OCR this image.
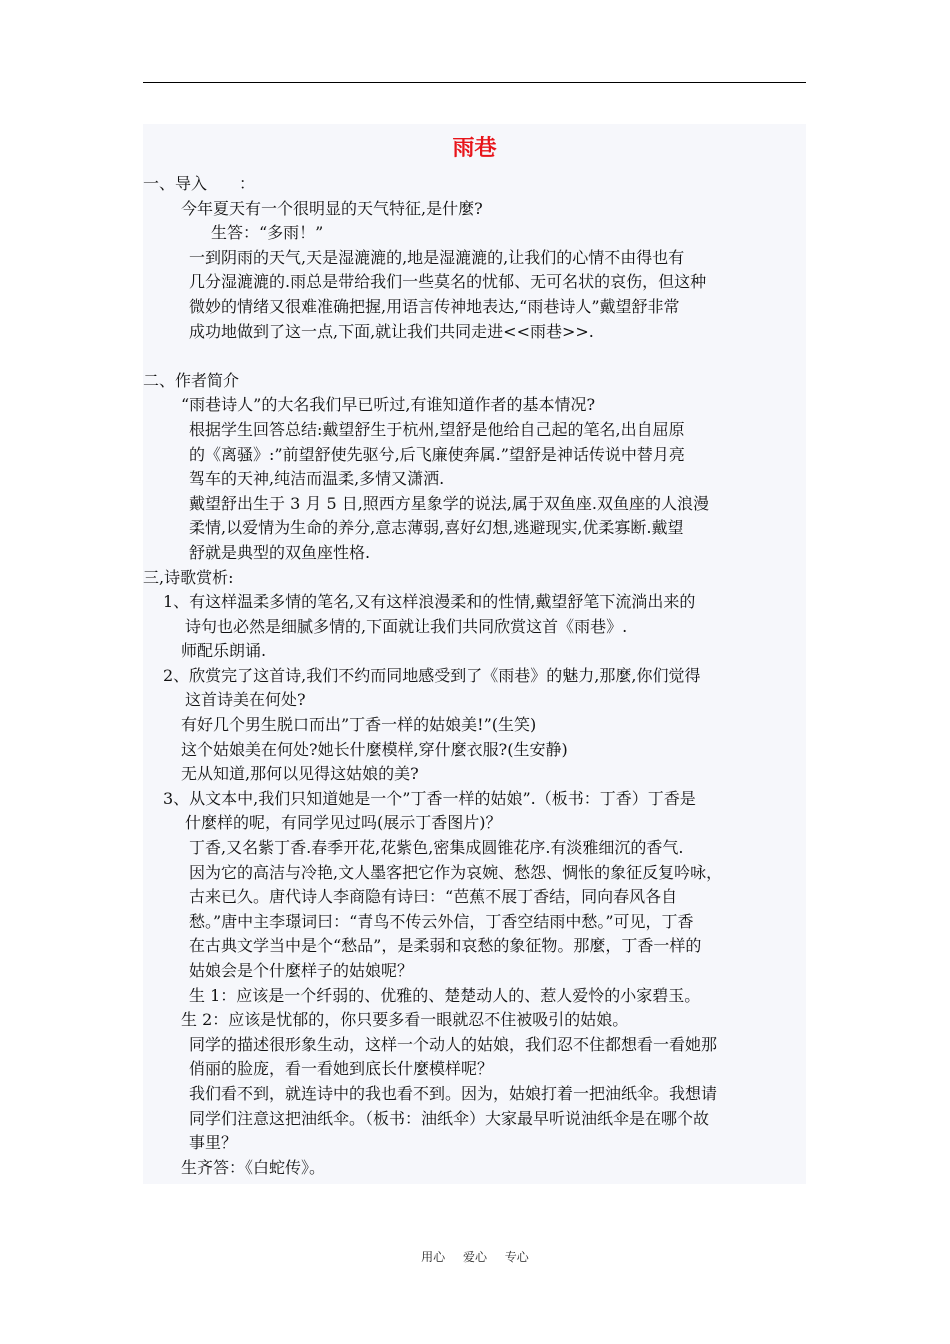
雨巷
一、导入　　：
今年夏天有一个很明显的天气特征,是什麼?
生答：“多雨！”
一到阴雨的天气,天是湿漉漉的,地是湿漉漉的,让我们的心情不由得也有
几分湿漉漉的.雨总是带给我们一些莫名的忧郁、无可名状的哀伤，但这种
微妙的情绪又很难准确把握,用语言传神地表达,“雨巷诗人”戴望舒非常
成功地做到了这一点,下面,就让我们共同走进<<雨巷>>.
二、作者简介
“雨巷诗人”的大名我们早已听过,有谁知道作者的基本情况?
根据学生回答总结:戴望舒生于杭州,望舒是他给自己起的笔名,出自屈原
的《离骚》:”前望舒使先驱兮,后飞廉使奔属.”望舒是神话传说中替月亮
驾车的天神,纯洁而温柔,多情又潇洒.
戴望舒出生于 3 月 5 日,照西方星象学的说法,属于双鱼座.双鱼座的人浪漫
柔情,以爱情为生命的养分,意志薄弱,喜好幻想,逃避现实,优柔寡断.戴望
舒就是典型的双鱼座性格.
三,诗歌赏析:
1、有这样温柔多情的笔名,又有这样浪漫柔和的性情,戴望舒笔下流淌出来的
诗句也必然是细腻多情的,下面就让我们共同欣赏这首《雨巷》.
师配乐朗诵.
2、欣赏完了这首诗,我们不约而同地感受到了《雨巷》的魅力,那麼,你们觉得
这首诗美在何处?
有好几个男生脱口而出”丁香一样的姑娘美!”(生笑)
这个姑娘美在何处?她长什麼模样,穿什麼衣服?(生安静)
无从知道,那何以见得这姑娘的美?
3、从文本中,我们只知道她是一个”丁香一样的姑娘”.（板书：丁香）丁香是
什麼样的呢，有同学见过吗(展示丁香图片)？
丁香,又名紫丁香.春季开花,花紫色,密集成圆锥花序.有淡雅细沉的香气.
因为它的高洁与冷艳,文人墨客把它作为哀婉、愁怨、惆怅的象征反复吟咏，
古来已久。唐代诗人李商隐有诗曰：“芭蕉不展丁香结，同向春风各自
愁。”唐中主李璟词曰：“青鸟不传云外信，丁香空结雨中愁。”可见，丁香
在古典文学当中是个“愁品”，是柔弱和哀愁的象征物。那麼，丁香一样的
姑娘会是个什麼样子的姑娘呢？
生 1：应该是一个纤弱的、优雅的、楚楚动人的、惹人爱怜的小家碧玉。
生 2：应该是忧郁的，你只要多看一眼就忍不住被吸引的姑娘。
同学的描述很形象生动，这样一个动人的姑娘，我们忍不住都想看一看她那
俏丽的脸庞，看一看她到底长什麼模样呢？
我们看不到，就连诗中的我也看不到。因为，姑娘打着一把油纸伞。我想请
同学们注意这把油纸伞。（板书：油纸伞）大家最早听说油纸伞是在哪个故
事里？
生齐答：《白蛇传》。
用心 爱心 专心
